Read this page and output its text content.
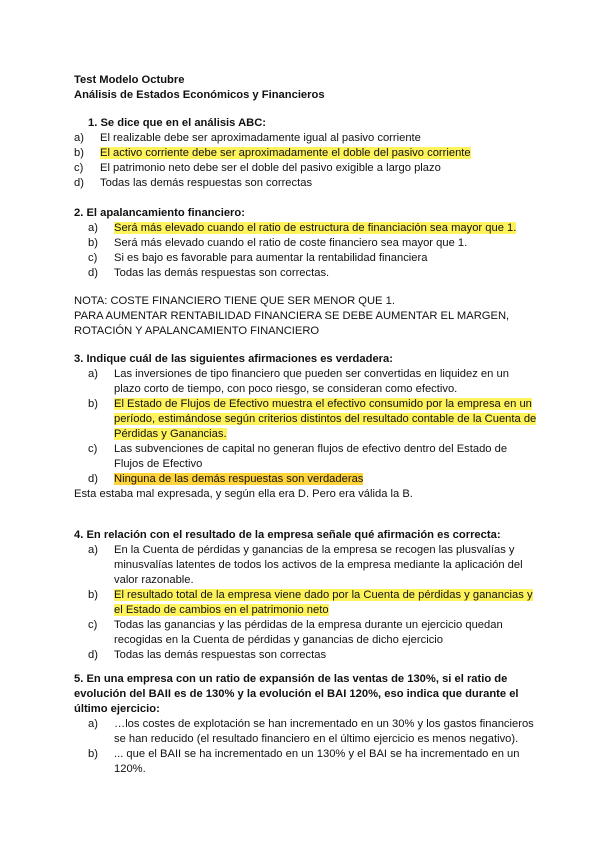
Test Modelo Octubre
Análisis de Estados Económicos y Financieros
1. Se dice que en el análisis ABC:
a) El realizable debe ser aproximadamente igual al pasivo corriente
b) El activo corriente debe ser aproximadamente el doble del pasivo corriente
c) El patrimonio neto debe ser el doble del pasivo exigible a largo plazo
d) Todas las demás respuestas son correctas
2. El apalancamiento financiero:
a) Será más elevado cuando el ratio de estructura de financiación sea mayor que 1.
b) Será más elevado cuando el ratio de coste financiero sea mayor que 1.
c) Si es bajo es favorable para aumentar la rentabilidad financiera
d) Todas las demás respuestas son correctas.
NOTA: COSTE FINANCIERO TIENE QUE SER MENOR QUE 1.
PARA AUMENTAR RENTABILIDAD FINANCIERA SE DEBE AUMENTAR EL MARGEN,
ROTACIÓN Y APALANCAMIENTO FINANCIERO
3. Indique cuál de las siguientes afirmaciones es verdadera:
a) Las inversiones de tipo financiero que pueden ser convertidas en liquidez en un
plazo corto de tiempo, con poco riesgo, se consideran como efectivo.
b) El Estado de Flujos de Efectivo muestra el efectivo consumido por la empresa en un
período, estimándose según criterios distintos del resultado contable de la Cuenta de
Pérdidas y Ganancias.
c) Las subvenciones de capital no generan flujos de efectivo dentro del Estado de
Flujos de Efectivo
d) Ninguna de las demás respuestas son verdaderas
Esta estaba mal expresada, y según ella era D. Pero era válida la B.
4. En relación con el resultado de la empresa señale qué afirmación es correcta:
a) En la Cuenta de pérdidas y ganancias de la empresa se recogen las plusvalías y
minusvalías latentes de todos los activos de la empresa mediante la aplicación del
valor razonable.
b) El resultado total de la empresa viene dado por la Cuenta de pérdidas y ganancias y
el Estado de cambios en el patrimonio neto
c) Todas las ganancias y las pérdidas de la empresa durante un ejercicio quedan
recogidas en la Cuenta de pérdidas y ganancias de dicho ejercicio
d) Todas las demás respuestas son correctas
5. En una empresa con un ratio de expansión de las ventas de 130%, si el ratio de
evolución del BAII es de 130% y la evolución el BAI 120%, eso indica que durante el
último ejercicio:
a) …los costes de explotación se han incrementado en un 30% y los gastos financieros
se han reducido (el resultado financiero en el último ejercicio es menos negativo).
b) ... que el BAII se ha incrementado en un 130% y el BAI se ha incrementado en un
120%.
